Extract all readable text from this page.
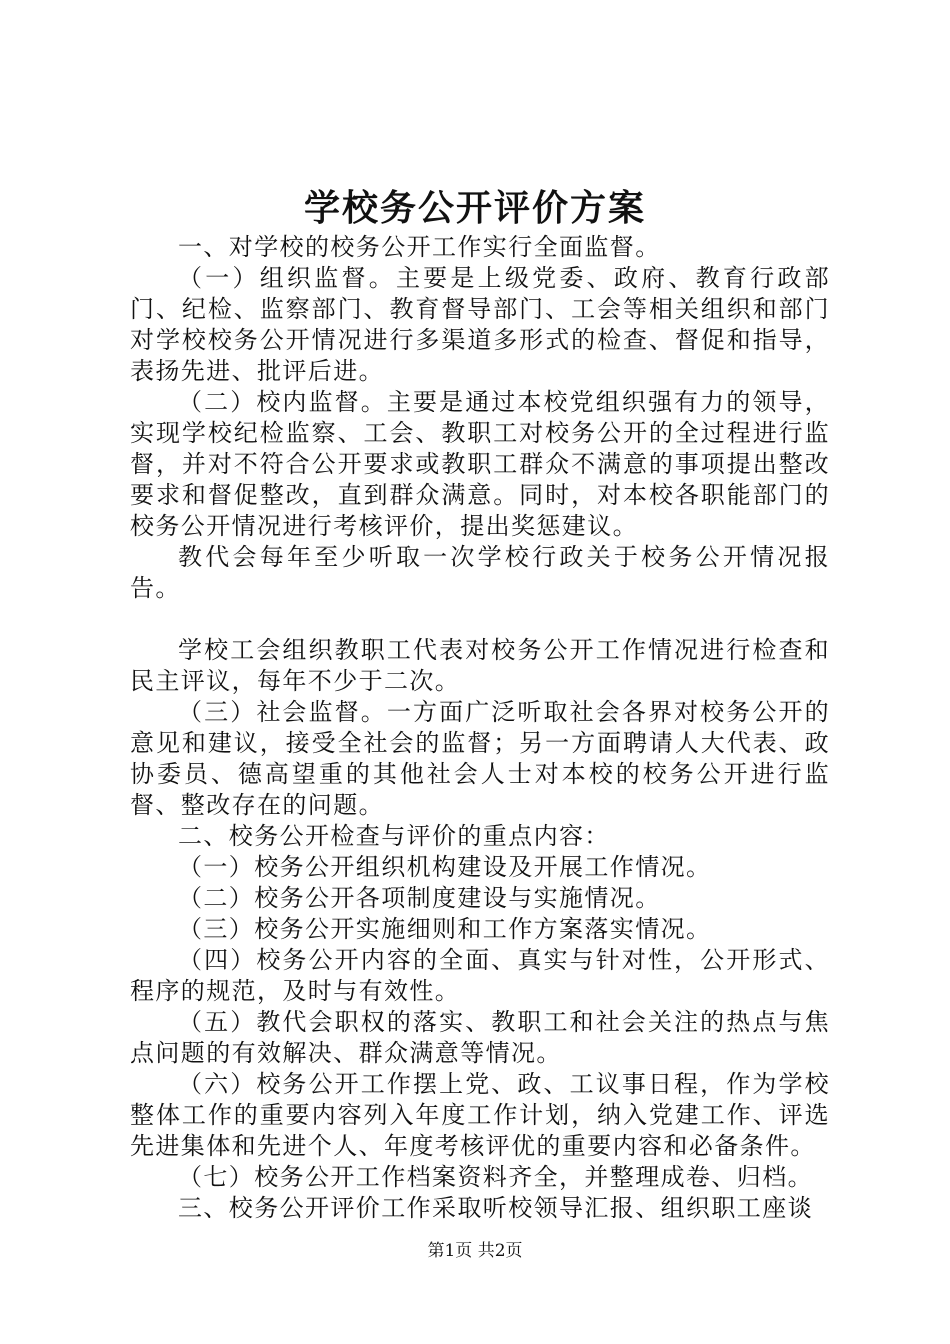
学校务公开评价方案

一、对学校的校务公开工作实行全面监督。

（一）组织监督。主要是上级党委、政府、教育行政部门、纪检、监察部门、教育督导部门、工会等相关组织和部门对学校校务公开情况进行多渠道多形式的检查、督促和指导，表扬先进、批评后进。

（二）校内监督。主要是通过本校党组织强有力的领导，实现学校纪检监察、工会、教职工对校务公开的全过程进行监督，并对不符合公开要求或教职工群众不满意的事项提出整改要求和督促整改，直到群众满意。同时，对本校各职能部门的校务公开情况进行考核评价，提出奖惩建议。

教代会每年至少听取一次学校行政关于校务公开情况报告。

学校工会组织教职工代表对校务公开工作情况进行检查和民主评议，每年不少于二次。

（三）社会监督。一方面广泛听取社会各界对校务公开的意见和建议，接受全社会的监督；另一方面聘请人大代表、政协委员、德高望重的其他社会人士对本校的校务公开进行监督、整改存在的问题。

二、校务公开检查与评价的重点内容：

（一）校务公开组织机构建设及开展工作情况。

（二）校务公开各项制度建设与实施情况。

（三）校务公开实施细则和工作方案落实情况。

（四）校务公开内容的全面、真实与针对性，公开形式、程序的规范，及时与有效性。

（五）教代会职权的落实、教职工和社会关注的热点与焦点问题的有效解决、群众满意等情况。

（六）校务公开工作摆上党、政、工议事日程，作为学校整体工作的重要内容列入年度工作计划，纳入党建工作、评选先进集体和先进个人、年度考核评优的重要内容和必备条件。

（七）校务公开工作档案资料齐全，并整理成卷、归档。

三、校务公开评价工作采取听校领导汇报、组织职工座谈

第1页 共2页
